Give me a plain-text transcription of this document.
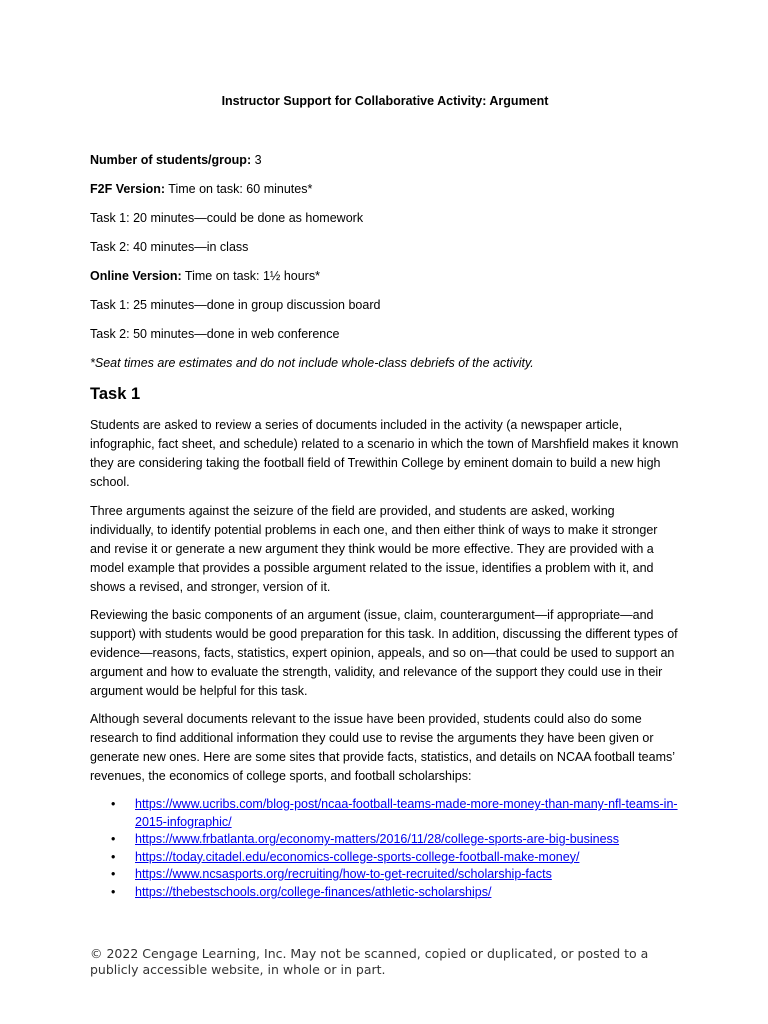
Instructor Support for Collaborative Activity: Argument
Number of students/group: 3
F2F Version: Time on task: 60 minutes*
Task 1: 20 minutes—could be done as homework
Task 2: 40 minutes—in class
Online Version: Time on task: 1½ hours*
Task 1: 25 minutes—done in group discussion board
Task 2: 50 minutes—done in web conference
*Seat times are estimates and do not include whole-class debriefs of the activity.
Task 1
Students are asked to review a series of documents included in the activity (a newspaper article, infographic, fact sheet, and schedule) related to a scenario in which the town of Marshfield makes it known they are considering taking the football field of Trewithin College by eminent domain to build a new high school.
Three arguments against the seizure of the field are provided, and students are asked, working individually, to identify potential problems in each one, and then either think of ways to make it stronger and revise it or generate a new argument they think would be more effective. They are provided with a model example that provides a possible argument related to the issue, identifies a problem with it, and shows a revised, and stronger, version of it.
Reviewing the basic components of an argument (issue, claim, counterargument—if appropriate—and support) with students would be good preparation for this task. In addition, discussing the different types of evidence—reasons, facts, statistics, expert opinion, appeals, and so on—that could be used to support an argument and how to evaluate the strength, validity, and relevance of the support they could use in their argument would be helpful for this task.
Although several documents relevant to the issue have been provided, students could also do some research to find additional information they could use to revise the arguments they have been given or generate new ones. Here are some sites that provide facts, statistics, and details on NCAA football teams’ revenues, the economics of college sports, and football scholarships:
• https://www.ucribs.com/blog-post/ncaa-football-teams-made-more-money-than-many-nfl-teams-in-2015-infographic/
• https://www.frbatlanta.org/economy-matters/2016/11/28/college-sports-are-big-business
• https://today.citadel.edu/economics-college-sports-college-football-make-money/
• https://www.ncsasports.org/recruiting/how-to-get-recruited/scholarship-facts
• https://thebestschools.org/college-finances/athletic-scholarships/
© 2022 Cengage Learning, Inc. May not be scanned, copied or duplicated, or posted to a publicly accessible website, in whole or in part.
